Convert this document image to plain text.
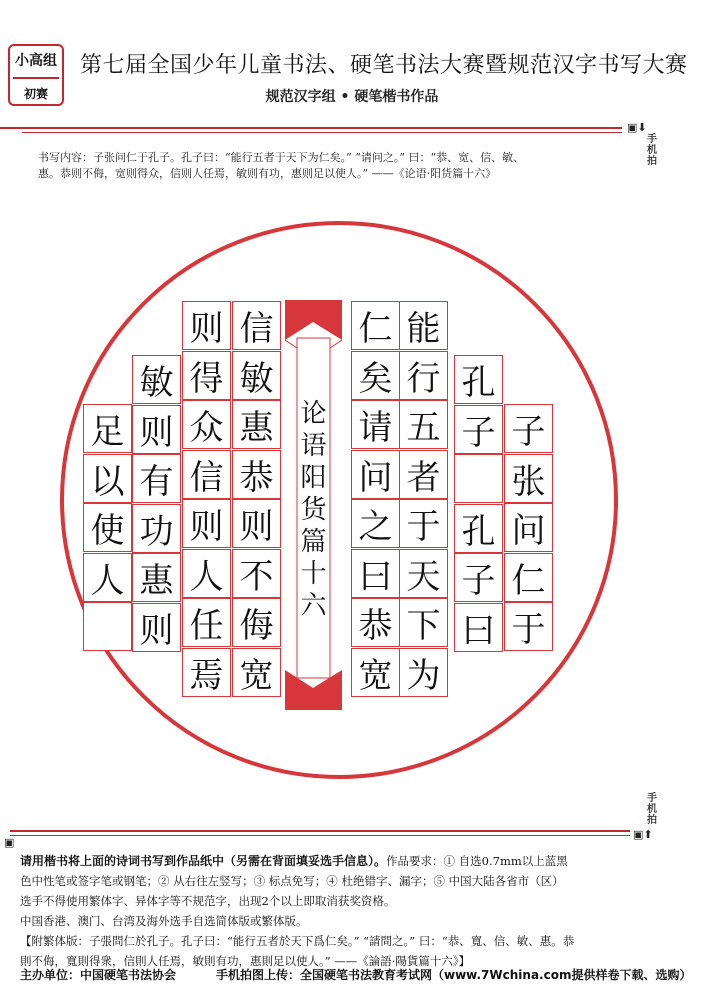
小高组
初赛
第七届全国少年儿童书法、硬笔书法大赛暨规范汉字书写大赛
规范汉字组 • 硬笔楷书作品
▣⬇
手机拍
书写内容：子张问仁于孔子。孔子曰：“能行五者于天下为仁矣。” “请问之。” 曰：“恭、宽、信、敏、
惠。恭则不侮，宽则得众，信则人任焉，敏则有功，惠则足以使人。” ——《论语·阳货篇十六》
论
语
阳
货
篇
十
六
子
张
问
仁
于
孔
子
孔
子
曰
能
行
五
者
于
天
下
为
仁
矣
请
问
之
曰
恭
宽
信
敏
惠
恭
则
不
侮
宽
则
得
众
信
则
人
任
焉
敏
则
有
功
惠
则
足
以
使
人
手机拍
▣⬆
▣
请用楷书将上面的诗词书写到作品纸中（另需在背面填妥选手信息）。作品要求：① 自选0.7mm以上蓝黑
色中性笔或签字笔或钢笔；② 从右往左竖写；③ 标点免写；④ 杜绝错字、漏字；⑤ 中国大陆各省市（区）
选手不得使用繁体字、异体字等不规范字，出现2个以上即取消获奖资格。
中国香港、澳门、台湾及海外选手自选简体版或繁体版。
【附繁体版：子張問仁於孔子。孔子曰：“能行五者於天下爲仁矣。” “請問之。” 曰：“恭、寬、信、敏、惠。恭
則不侮，寬則得衆，信則人任焉，敏則有功，惠則足以使人。” ——《論語·陽貨篇十六》】
主办单位：中国硬笔书法协会	手机拍图上传：全国硬笔书法教育考试网（www.7Wchina.com提供样卷下载、选购）
